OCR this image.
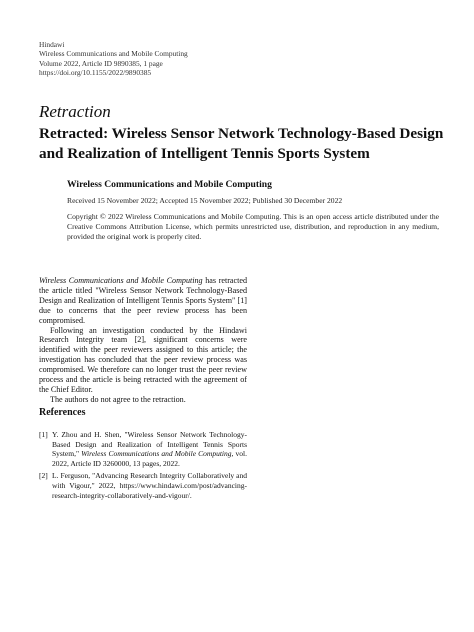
Hindawi
Wireless Communications and Mobile Computing
Volume 2022, Article ID 9890385, 1 page
https://doi.org/10.1155/2022/9890385
Retraction
Retracted: Wireless Sensor Network Technology-Based Design and Realization of Intelligent Tennis Sports System
Wireless Communications and Mobile Computing
Received 15 November 2022; Accepted 15 November 2022; Published 30 December 2022
Copyright © 2022 Wireless Communications and Mobile Computing. This is an open access article distributed under the Creative Commons Attribution License, which permits unrestricted use, distribution, and reproduction in any medium, provided the original work is properly cited.

Wireless Communications and Mobile Computing has retracted the article titled "Wireless Sensor Network Technology-Based Design and Realization of Intelligent Tennis Sports System" [1] due to concerns that the peer review process has been compromised.

Following an investigation conducted by the Hindawi Research Integrity team [2], significant concerns were identified with the peer reviewers assigned to this article; the investigation has concluded that the peer review process was compromised. We therefore can no longer trust the peer review process and the article is being retracted with the agreement of the Chief Editor.

The authors do not agree to the retraction.

References
[1] Y. Zhou and H. Shen, "Wireless Sensor Network Technology-Based Design and Realization of Intelligent Tennis Sports System," Wireless Communications and Mobile Computing, vol. 2022, Article ID 3260000, 13 pages, 2022.
[2] L. Ferguson, "Advancing Research Integrity Collaboratively and with Vigour," 2022, https://www.hindawi.com/post/advancing-research-integrity-collaboratively-and-vigour/.
